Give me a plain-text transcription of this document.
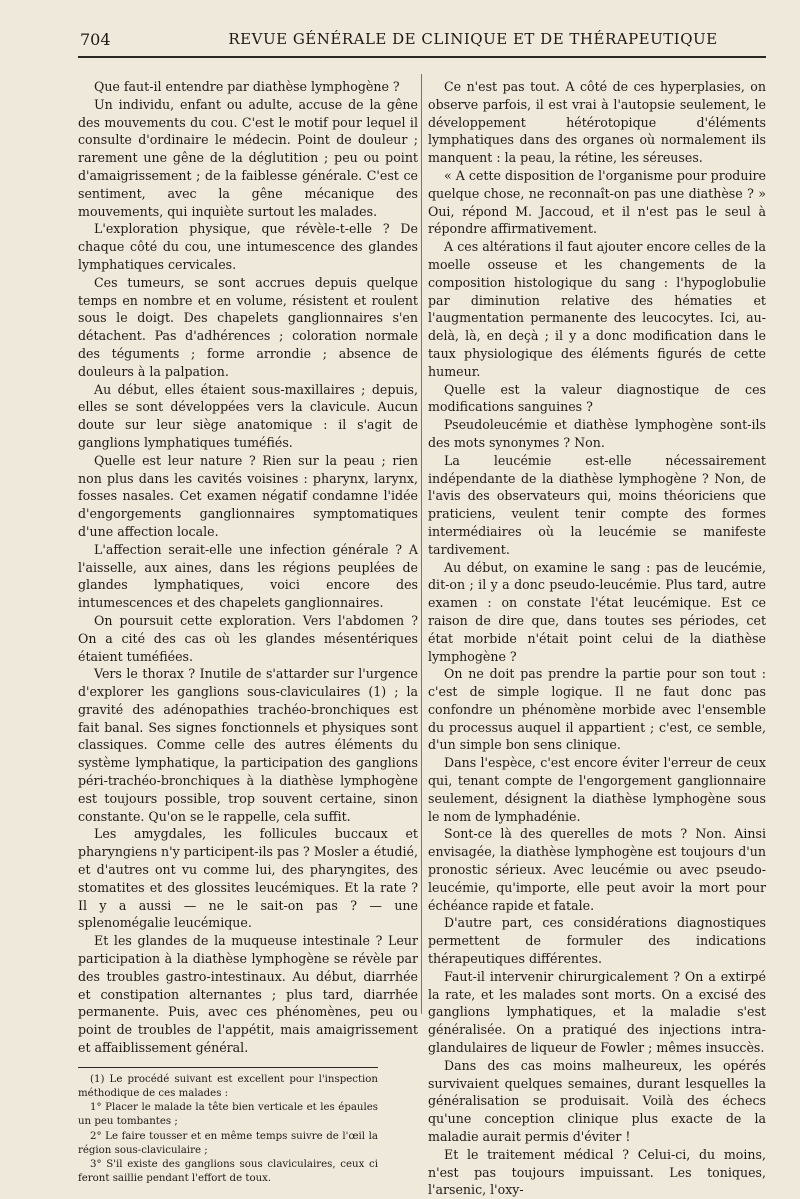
704	REVUE GÉNÉRALE DE CLINIQUE ET DE THÉRAPEUTIQUE

Que faut-il entendre par diathèse lymphogène ?

Un individu, enfant ou adulte, accuse de la gêne des mouvements du cou. C'est le motif pour lequel il consulte d'ordinaire le médecin. Point de douleur ; rarement une gêne de la déglutition ; peu ou point d'amaigrissement ; de la faiblesse générale. C'est ce sentiment, avec la gêne mécanique des mouvements, qui inquiète surtout les malades.

L'exploration physique, que révèle-t-elle ? De chaque côté du cou, une intumescence des glandes lymphatiques cervicales.

Ces tumeurs, se sont accrues depuis quelque temps en nombre et en volume, résistent et roulent sous le doigt. Des chapelets ganglionnaires s'en détachent. Pas d'adhérences ; coloration normale des téguments ; forme arrondie ; absence de douleurs à la palpation.

Au début, elles étaient sous-maxillaires ; depuis, elles se sont développées vers la clavicule. Aucun doute sur leur siège anatomique : il s'agit de ganglions lymphatiques tuméfiés.

Quelle est leur nature ? Rien sur la peau ; rien non plus dans les cavités voisines : pharynx, larynx, fosses nasales. Cet examen négatif condamne l'idée d'engorgements ganglionnaires symptomatiques d'une affection locale.

L'affection serait-elle une infection générale ? A l'aisselle, aux aines, dans les régions peuplées de glandes lymphatiques, voici encore des intumescences et des chapelets ganglionnaires.

On poursuit cette exploration. Vers l'abdomen ? On a cité des cas où les glandes mésentériques étaient tuméfiées.

Vers le thorax ? Inutile de s'attarder sur l'urgence d'explorer les ganglions sous-claviculaires (1) ; la gravité des adénopathies trachéo-bronchiques est fait banal. Ses signes fonctionnels et physiques sont classiques. Comme celle des autres éléments du système lymphatique, la participation des ganglions péri-trachéo-bronchiques à la diathèse lymphogène est toujours possible, trop souvent certaine, sinon constante. Qu'on se le rappelle, cela suffit.

Les amygdales, les follicules buccaux et pharyngiens n'y participent-ils pas ? Mosler a étudié, et d'autres ont vu comme lui, des pharyngites, des stomatites et des glossites leucémiques. Et la rate ? Il y a aussi — ne le sait-on pas ? — une splenomégalie leucémique.

Et les glandes de la muqueuse intestinale ? Leur participation à la diathèse lymphogène se révèle par des troubles gastro-intestinaux. Au début, diarrhée et constipation alternantes ; plus tard, diarrhée permanente. Puis, avec ces phénomènes, peu ou point de troubles de l'appétit, mais amaigrissement et affaiblissement général.

(1) Le procédé suivant est excellent pour l'inspection méthodique de ces malades :

1° Placer le malade la tête bien verticale et les épaules un peu tombantes ;

2° Le faire tousser et en même temps suivre de l'œil la région sous-claviculaire ;

3° S'il existe des ganglions sous claviculaires, ceux ci feront saillie pendant l'effort de toux.

Ce n'est pas tout. A côté de ces hyperplasies, on observe parfois, il est vrai à l'autopsie seulement, le développement hétérotopique d'éléments lymphatiques dans des organes où normalement ils manquent : la peau, la rétine, les séreuses.

« A cette disposition de l'organisme pour produire quelque chose, ne reconnaît-on pas une diathèse ? » Oui, répond M. Jaccoud, et il n'est pas le seul à répondre affirmativement.

A ces altérations il faut ajouter encore celles de la moelle osseuse et les changements de la composition histologique du sang : l'hypoglobulie par diminution relative des hématies et l'augmentation permanente des leucocytes. Ici, au-delà, là, en deçà ; il y a donc modification dans le taux physiologique des éléments figurés de cette humeur.

Quelle est la valeur diagnostique de ces modifications sanguines ?

Pseudoleucémie et diathèse lymphogène sont-ils des mots synonymes ? Non.

La leucémie est-elle nécessairement indépendante de la diathèse lymphogène ? Non, de l'avis des observateurs qui, moins théoriciens que praticiens, veulent tenir compte des formes intermédiaires où la leucémie se manifeste tardivement.

Au début, on examine le sang : pas de leucémie, dit-on ; il y a donc pseudo-leucémie. Plus tard, autre examen : on constate l'état leucémique. Est ce raison de dire que, dans toutes ses périodes, cet état morbide n'était point celui de la diathèse lymphogène ?

On ne doit pas prendre la partie pour son tout : c'est de simple logique. Il ne faut donc pas confondre un phénomène morbide avec l'ensemble du processus auquel il appartient ; c'est, ce semble, d'un simple bon sens clinique.

Dans l'espèce, c'est encore éviter l'erreur de ceux qui, tenant compte de l'engorgement ganglionnaire seulement, désignent la diathèse lymphogène sous le nom de lymphadénie.

Sont-ce là des querelles de mots ? Non. Ainsi envisagée, la diathèse lymphogène est toujours d'un pronostic sérieux. Avec leucémie ou avec pseudo-leucémie, qu'importe, elle peut avoir la mort pour échéance rapide et fatale.

D'autre part, ces considérations diagnostiques permettent de formuler des indications thérapeutiques différentes.

Faut-il intervenir chirurgicalement ? On a extirpé la rate, et les malades sont morts. On a excisé des ganglions lymphatiques, et la maladie s'est généralisée. On a pratiqué des injections intra-glandulaires de liqueur de Fowler ; mêmes insuccès.

Dans des cas moins malheureux, les opérés survivaient quelques semaines, durant lesquelles la généralisation se produisait. Voilà des échecs qu'une conception clinique plus exacte de la maladie aurait permis d'éviter !

Et le traitement médical ? Celui-ci, du moins, n'est pas toujours impuissant. Les toniques, l'arsenic, l'oxy-
